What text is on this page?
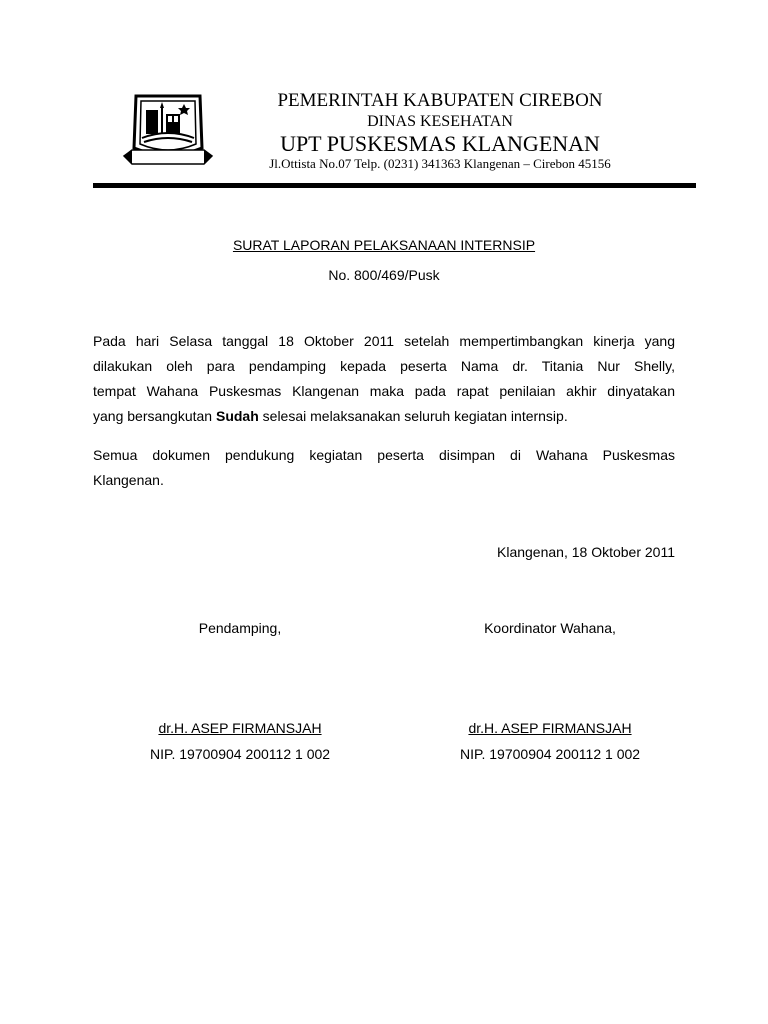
PEMERINTAH KABUPATEN CIREBON
DINAS KESEHATAN
UPT PUSKESMAS KLANGENAN
Jl.Ottista No.07 Telp. (0231) 341363 Klangenan – Cirebon 45156
SURAT LAPORAN PELAKSANAAN INTERNSIP
No. 800/469/Pusk
Pada hari Selasa tanggal 18 Oktober 2011 setelah mempertimbangkan kinerja yang
dilakukan oleh para pendamping kepada peserta Nama dr. Titania Nur Shelly,
tempat Wahana Puskesmas Klangenan maka pada rapat penilaian akhir dinyatakan
yang bersangkutan Sudah selesai melaksanakan seluruh kegiatan internsip.
Semua dokumen pendukung kegiatan peserta disimpan di Wahana Puskesmas
Klangenan.
Klangenan, 18 Oktober 2011
Pendamping,
dr.H. ASEP FIRMANSJAH
NIP. 19700904 200112 1 002
Koordinator Wahana,
dr.H. ASEP FIRMANSJAH
NIP. 19700904 200112 1 002
